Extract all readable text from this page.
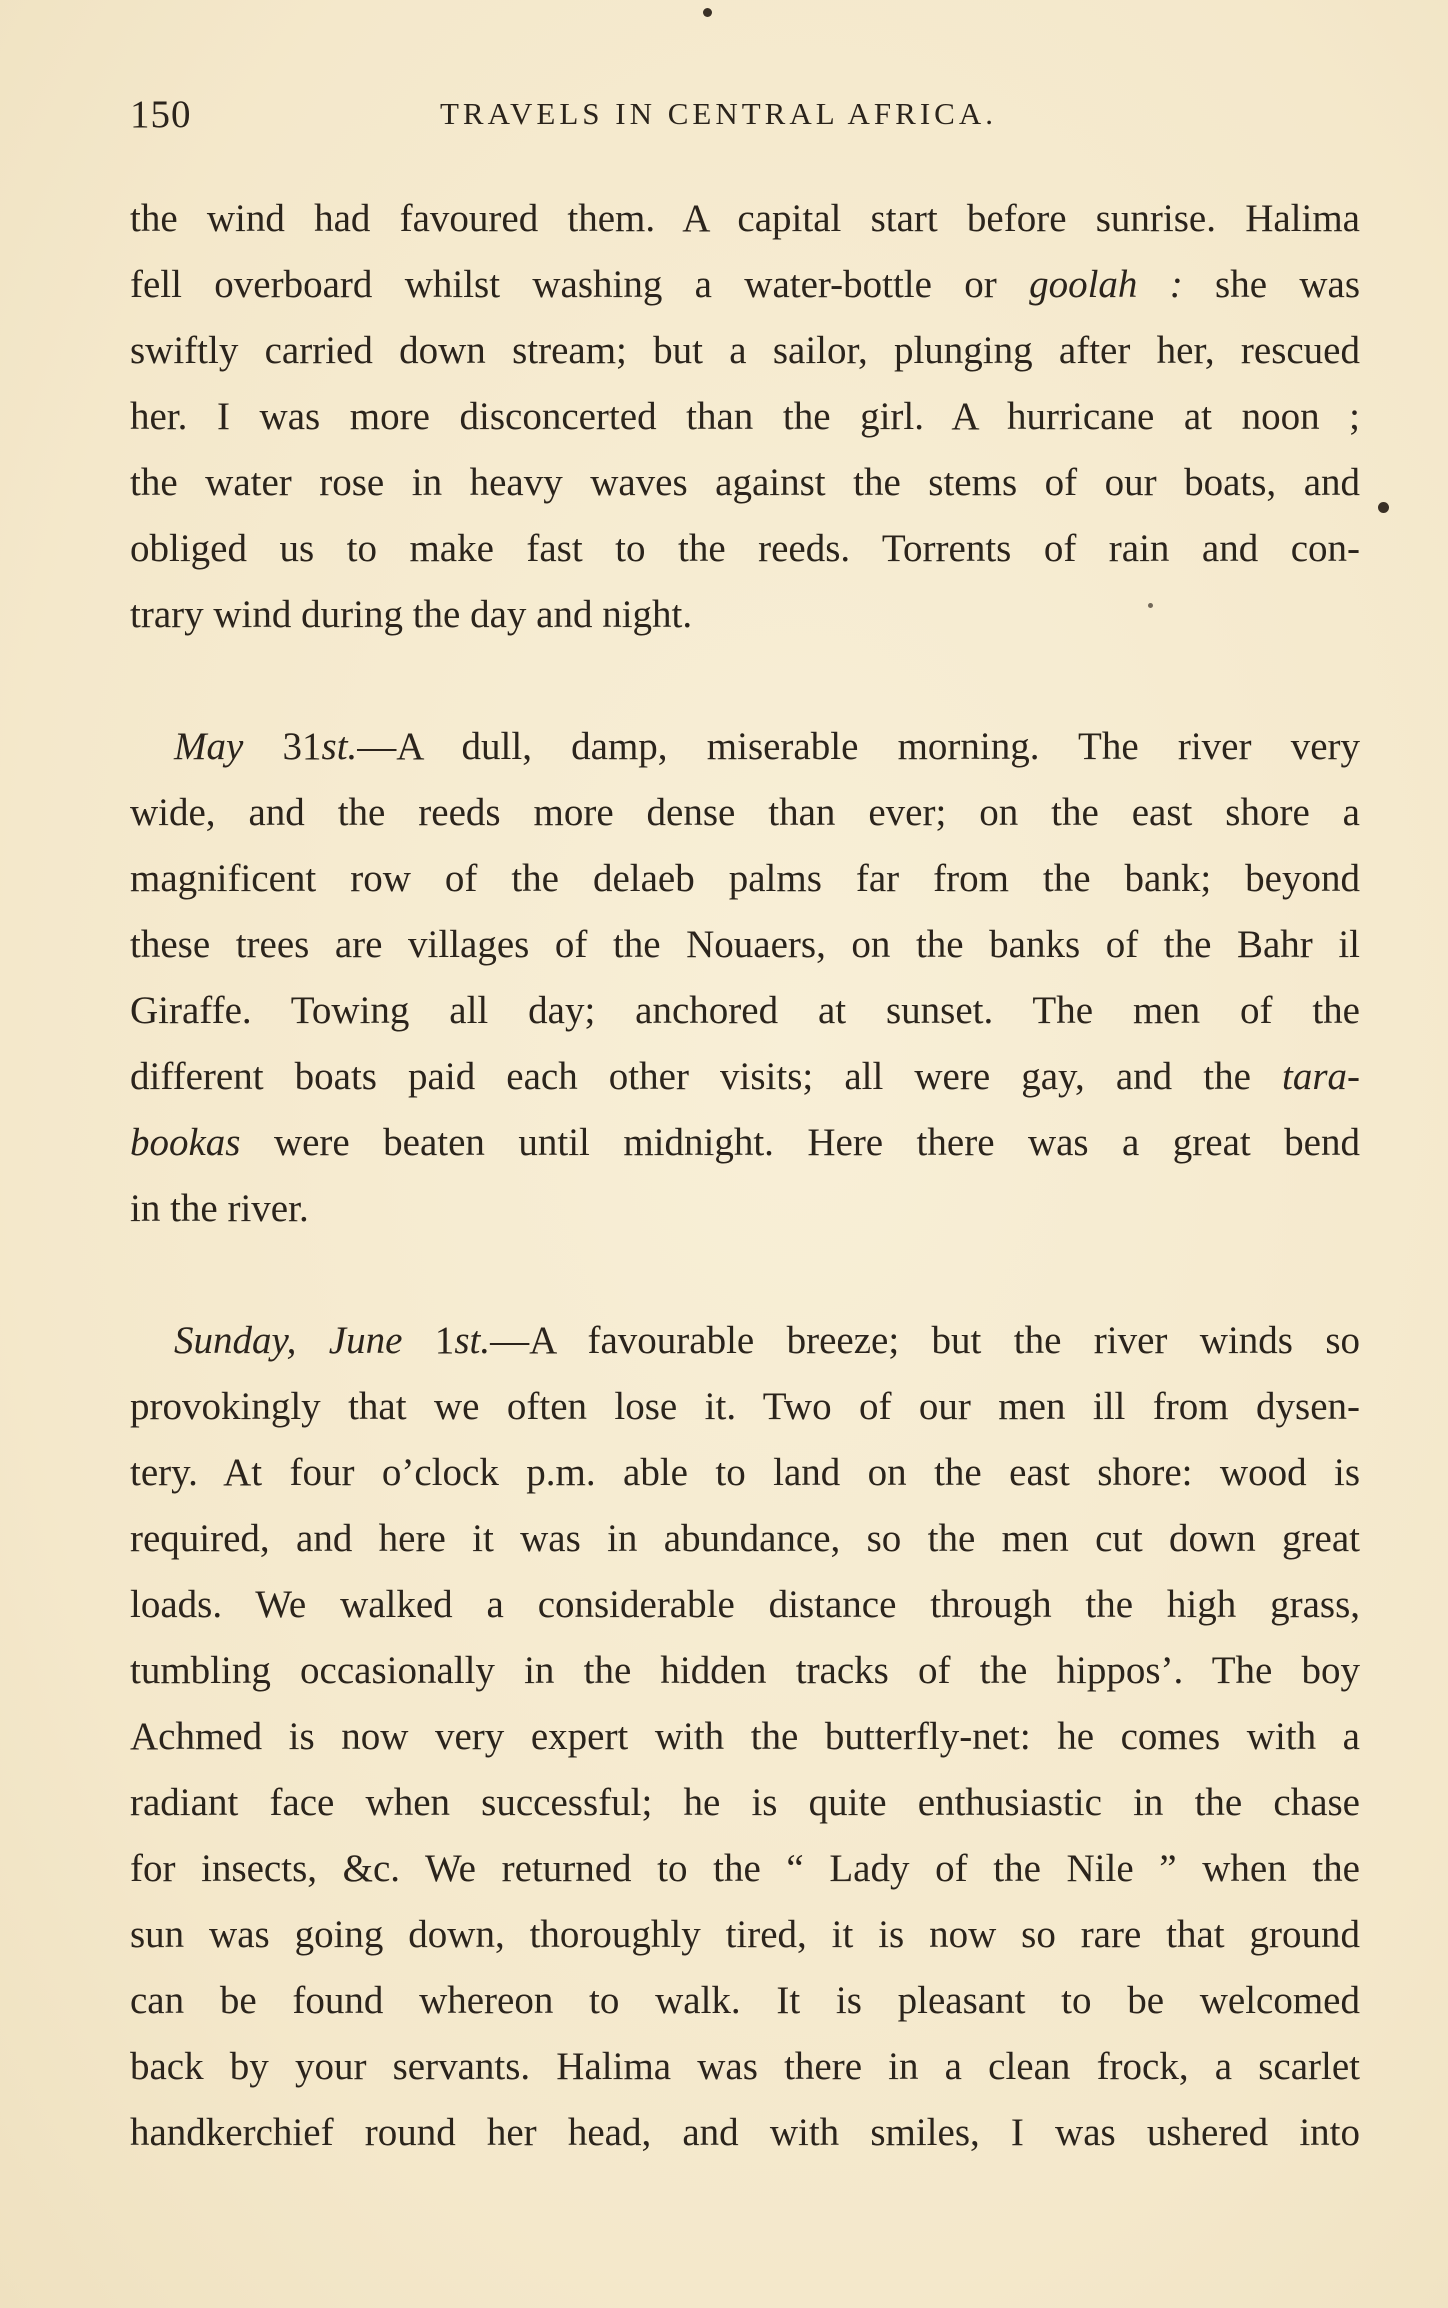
150	TRAVELS IN CENTRAL AFRICA.
the wind had favoured them. A capital start before sunrise. Halima
fell overboard whilst washing a water-bottle or goolah : she was
swiftly carried down stream; but a sailor, plunging after her, rescued
her. I was more disconcerted than the girl. A hurricane at noon ;
the water rose in heavy waves against the stems of our boats, and
obliged us to make fast to the reeds. Torrents of rain and con-
trary wind during the day and night.
May 31st.—A dull, damp, miserable morning. The river very
wide, and the reeds more dense than ever; on the east shore a
magnificent row of the delaeb palms far from the bank; beyond
these trees are villages of the Nouaers, on the banks of the Bahr il
Giraffe. Towing all day; anchored at sunset. The men of the
different boats paid each other visits; all were gay, and the tara-
bookas were beaten until midnight. Here there was a great bend
in the river.
Sunday, June 1st.—A favourable breeze; but the river winds so
provokingly that we often lose it. Two of our men ill from dysen-
tery. At four o’clock p.m. able to land on the east shore: wood is
required, and here it was in abundance, so the men cut down great
loads. We walked a considerable distance through the high grass,
tumbling occasionally in the hidden tracks of the hippos’. The boy
Achmed is now very expert with the butterfly-net: he comes with a
radiant face when successful; he is quite enthusiastic in the chase
for insects, &c. We returned to the “ Lady of the Nile ” when the
sun was going down, thoroughly tired, it is now so rare that ground
can be found whereon to walk. It is pleasant to be welcomed
back by your servants. Halima was there in a clean frock, a scarlet
handkerchief round her head, and with smiles, I was ushered into
